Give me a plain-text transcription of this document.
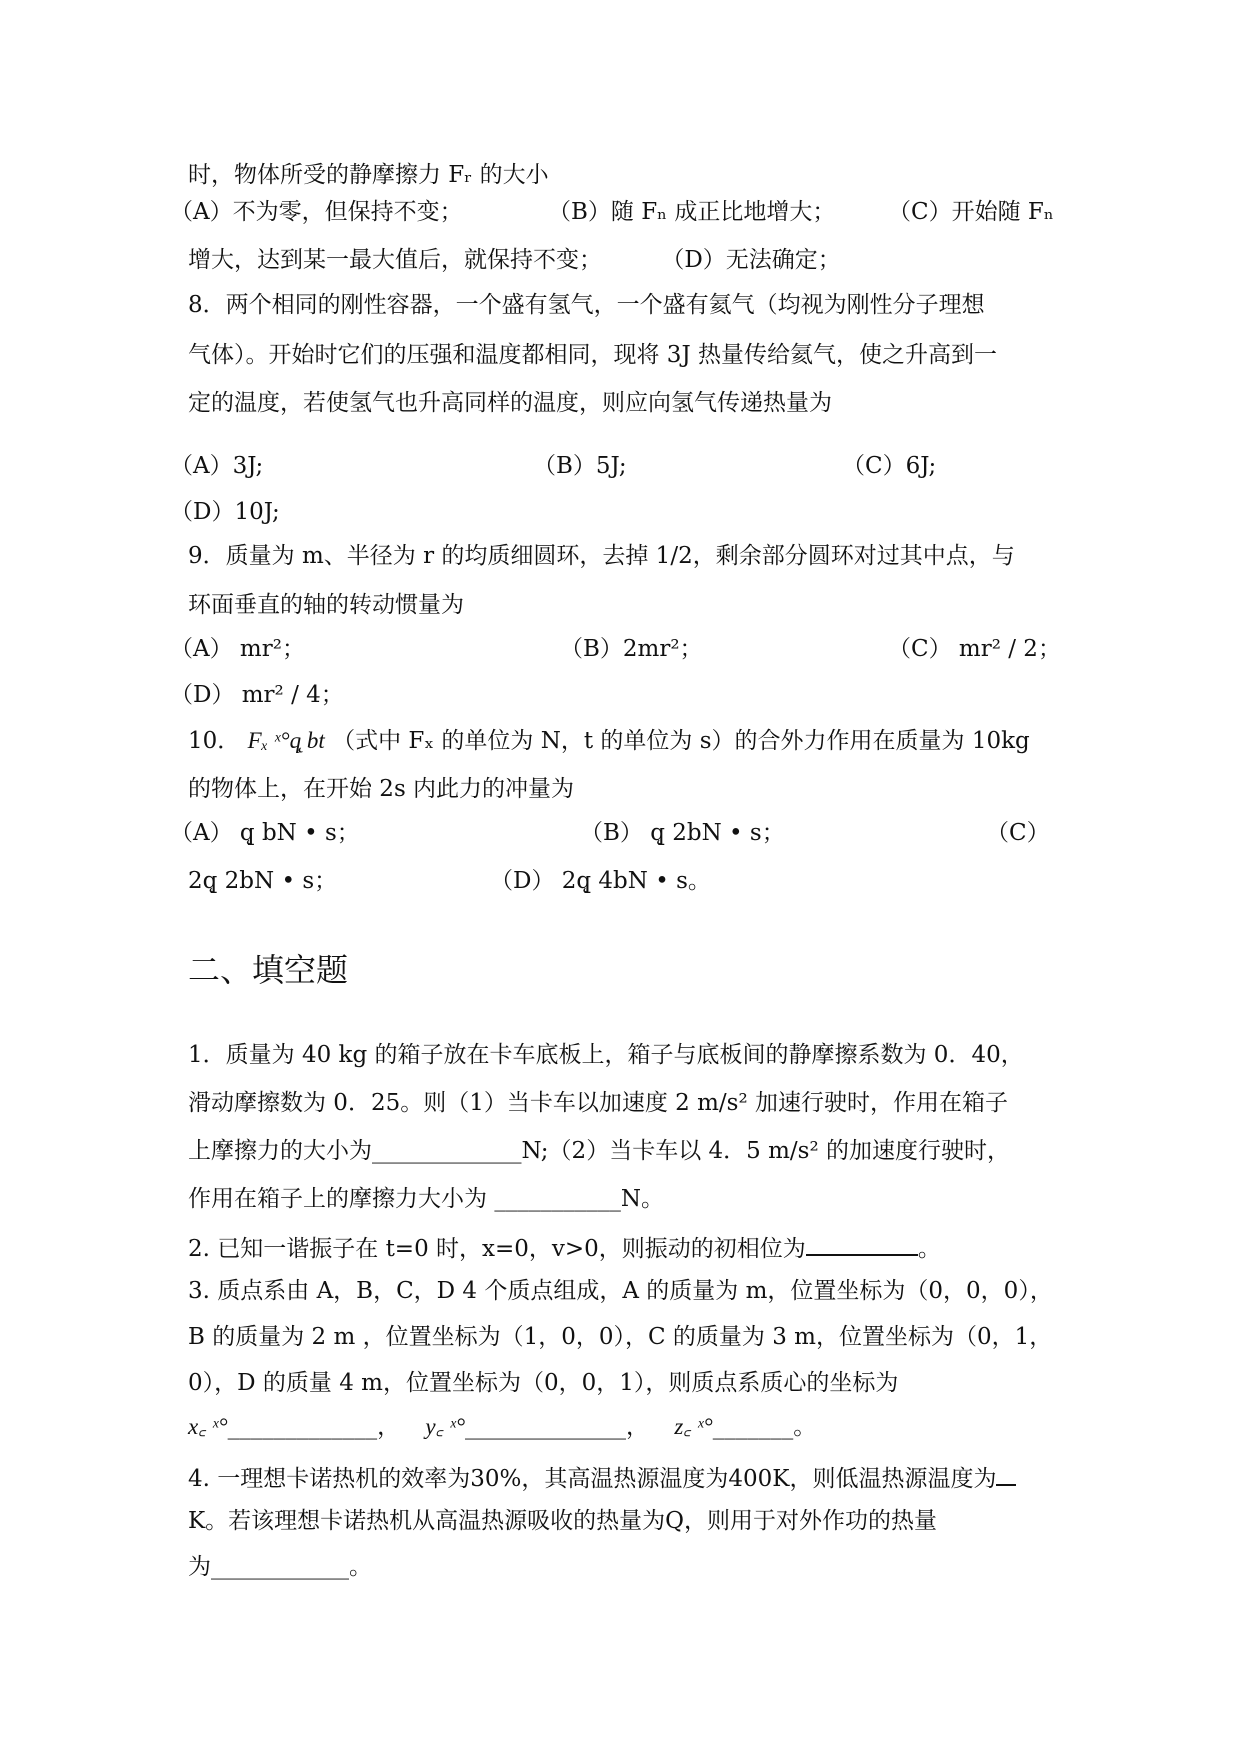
时，物体所受的静摩擦力 Fᵣ 的大小
（A）不为零，但保持不变；	（B）随 Fₙ 成正比地增大； （C）开始随 Fₙ
增大，达到某一最大值后，就保持不变；	（D）无法确定；
8．两个相同的刚性容器，一个盛有氢气，一个盛有氦气（均视为刚性分子理想
气体）。开始时它们的压强和温度都相同，现将 3J 热量传给氦气，使之升高到一
定的温度，若使氢气也升高同样的温度，则应向氢气传递热量为
（A）3J;	（B）5J;	（C）6J;
（D）10J;
9．质量为 m、半径为 r 的均质细圆环，去掉 1/2，剩余部分圆环对过其中点，与
环面垂直的轴的转动惯量为
（A） mr²；	（B）2mr²；	（C） mr² / 2；
（D） mr² / 4；
10． Fₓ ˣ°q̨ bt （式中 Fₓ 的单位为 N，t 的单位为 s）的合外力作用在质量为 10kg
的物体上，在开始 2s 内此力的冲量为
（A） q̨ bN • s；	（B） q̨ 2bN • s；	（C）
2q̨ 2bN • s；	（D） 2q̨ 4bN • s。
二、填空题
1．质量为 40 kg 的箱子放在卡车底板上，箱子与底板间的静摩擦系数为 0．40，
滑动摩擦数为 0．25。则（1）当卡车以加速度 2 m/s² 加速行驶时，作用在箱子
上摩擦力的大小为_____________N;（2）当卡车以 4．5 m/s² 的加速度行驶时，
作用在箱子上的摩擦力大小为 ___________N。
2. 已知一谐振子在 t=0 时，x=0，v>0，则振动的初相位为	。
3. 质点系由 A，B，C，D 4 个质点组成，A 的质量为 m，位置坐标为（0，0，0），
B 的质量为 2 m ，位置坐标为（1，0，0），C 的质量为 3 m，位置坐标为（0，1，
0），D 的质量 4 m，位置坐标为（0，0，1），则质点系质心的坐标为
x꜀ ˣ°_____________， y꜀ ˣ°______________， z꜀ ˣ°_______。
4. 一理想卡诺热机的效率为30%，其高温热源温度为400K，则低温热源温度为
K。若该理想卡诺热机从高温热源吸收的热量为Q，则用于对外作功的热量
为____________。
